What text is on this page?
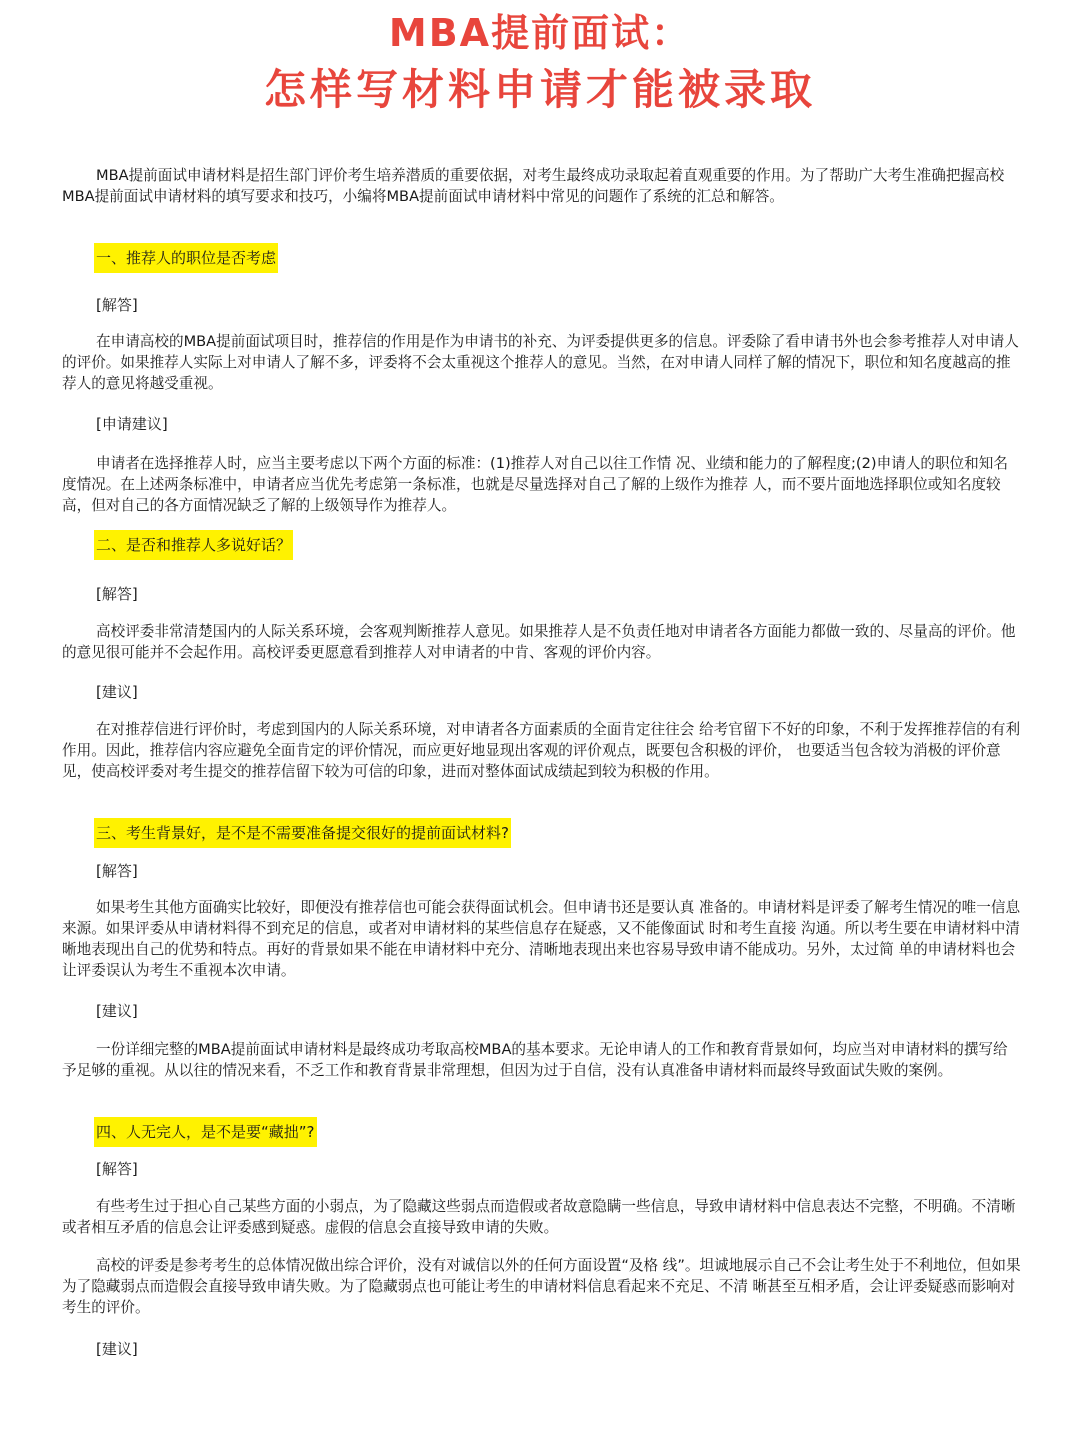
MBA提前面试：
怎样写材料申请才能被录取

MBA提前面试申请材料是招生部门评价考生培养潜质的重要依据，对考生最终成功录取起着直观重要的作用。为了帮助广大考生准确把握高校MBA提前面试申请材料的填写要求和技巧，小编将MBA提前面试申请材料中常见的问题作了系统的汇总和解答。

一、推荐人的职位是否考虑
[解答]

在申请高校的MBA提前面试项目时，推荐信的作用是作为申请书的补充、为评委提供更多的信息。评委除了看申请书外也会参考推荐人对申请人的评价。如果推荐人实际上对申请人了解不多，评委将不会太重视这个推荐人的意见。当然，在对申请人同样了解的情况下，职位和知名度越高的推荐人的意见将越受重视。

[申请建议]

申请者在选择推荐人时，应当主要考虑以下两个方面的标准：(1)推荐人对自己以往工作情 况、业绩和能力的了解程度;(2)申请人的职位和知名度情况。在上述两条标准中，申请者应当优先考虑第一条标准，也就是尽量选择对自己了解的上级作为推荐 人，而不要片面地选择职位或知名度较高，但对自己的各方面情况缺乏了解的上级领导作为推荐人。

二、是否和推荐人多说好话？
[解答]

高校评委非常清楚国内的人际关系环境，会客观判断推荐人意见。如果推荐人是不负责任地对申请者各方面能力都做一致的、尽量高的评价。他的意见很可能并不会起作用。高校评委更愿意看到推荐人对申请者的中肯、客观的评价内容。

[建议]

在对推荐信进行评价时，考虑到国内的人际关系环境，对申请者各方面素质的全面肯定往往会 给考官留下不好的印象，不利于发挥推荐信的有利作用。因此，推荐信内容应避免全面肯定的评价情况，而应更好地显现出客观的评价观点，既要包含积极的评价， 也要适当包含较为消极的评价意见，使高校评委对考生提交的推荐信留下较为可信的印象，进而对整体面试成绩起到较为积极的作用。

三、考生背景好，是不是不需要准备提交很好的提前面试材料?
[解答]

如果考生其他方面确实比较好，即便没有推荐信也可能会获得面试机会。但申请书还是要认真 准备的。申请材料是评委了解考生情况的唯一信息来源。如果评委从申请材料得不到充足的信息，或者对申请材料的某些信息存在疑惑，又不能像面试 时和考生直接 沟通。所以考生要在申请材料中清晰地表现出自己的优势和特点。再好的背景如果不能在申请材料中充分、清晰地表现出来也容易导致申请不能成功。另外，太过简 单的申请材料也会让评委误认为考生不重视本次申请。

[建议]

一份详细完整的MBA提前面试申请材料是最终成功考取高校MBA的基本要求。无论申请人的工作和教育背景如何，均应当对申请材料的撰写给予足够的重视。从以往的情况来看，不乏工作和教育背景非常理想，但因为过于自信，没有认真准备申请材料而最终导致面试失败的案例。

四、人无完人，是不是要“藏拙”?
[解答]

有些考生过于担心自己某些方面的小弱点，为了隐藏这些弱点而造假或者故意隐瞒一些信息，导致申请材料中信息表达不完整，不明确。不清晰或者相互矛盾的信息会让评委感到疑惑。虚假的信息会直接导致申请的失败。

高校的评委是参考考生的总体情况做出综合评价，没有对诚信以外的任何方面设置“及格 线”。坦诚地展示自己不会让考生处于不利地位，但如果为了隐藏弱点而造假会直接导致申请失败。为了隐藏弱点也可能让考生的申请材料信息看起来不充足、不清 晰甚至互相矛盾，会让评委疑惑而影响对考生的评价。

[建议]
